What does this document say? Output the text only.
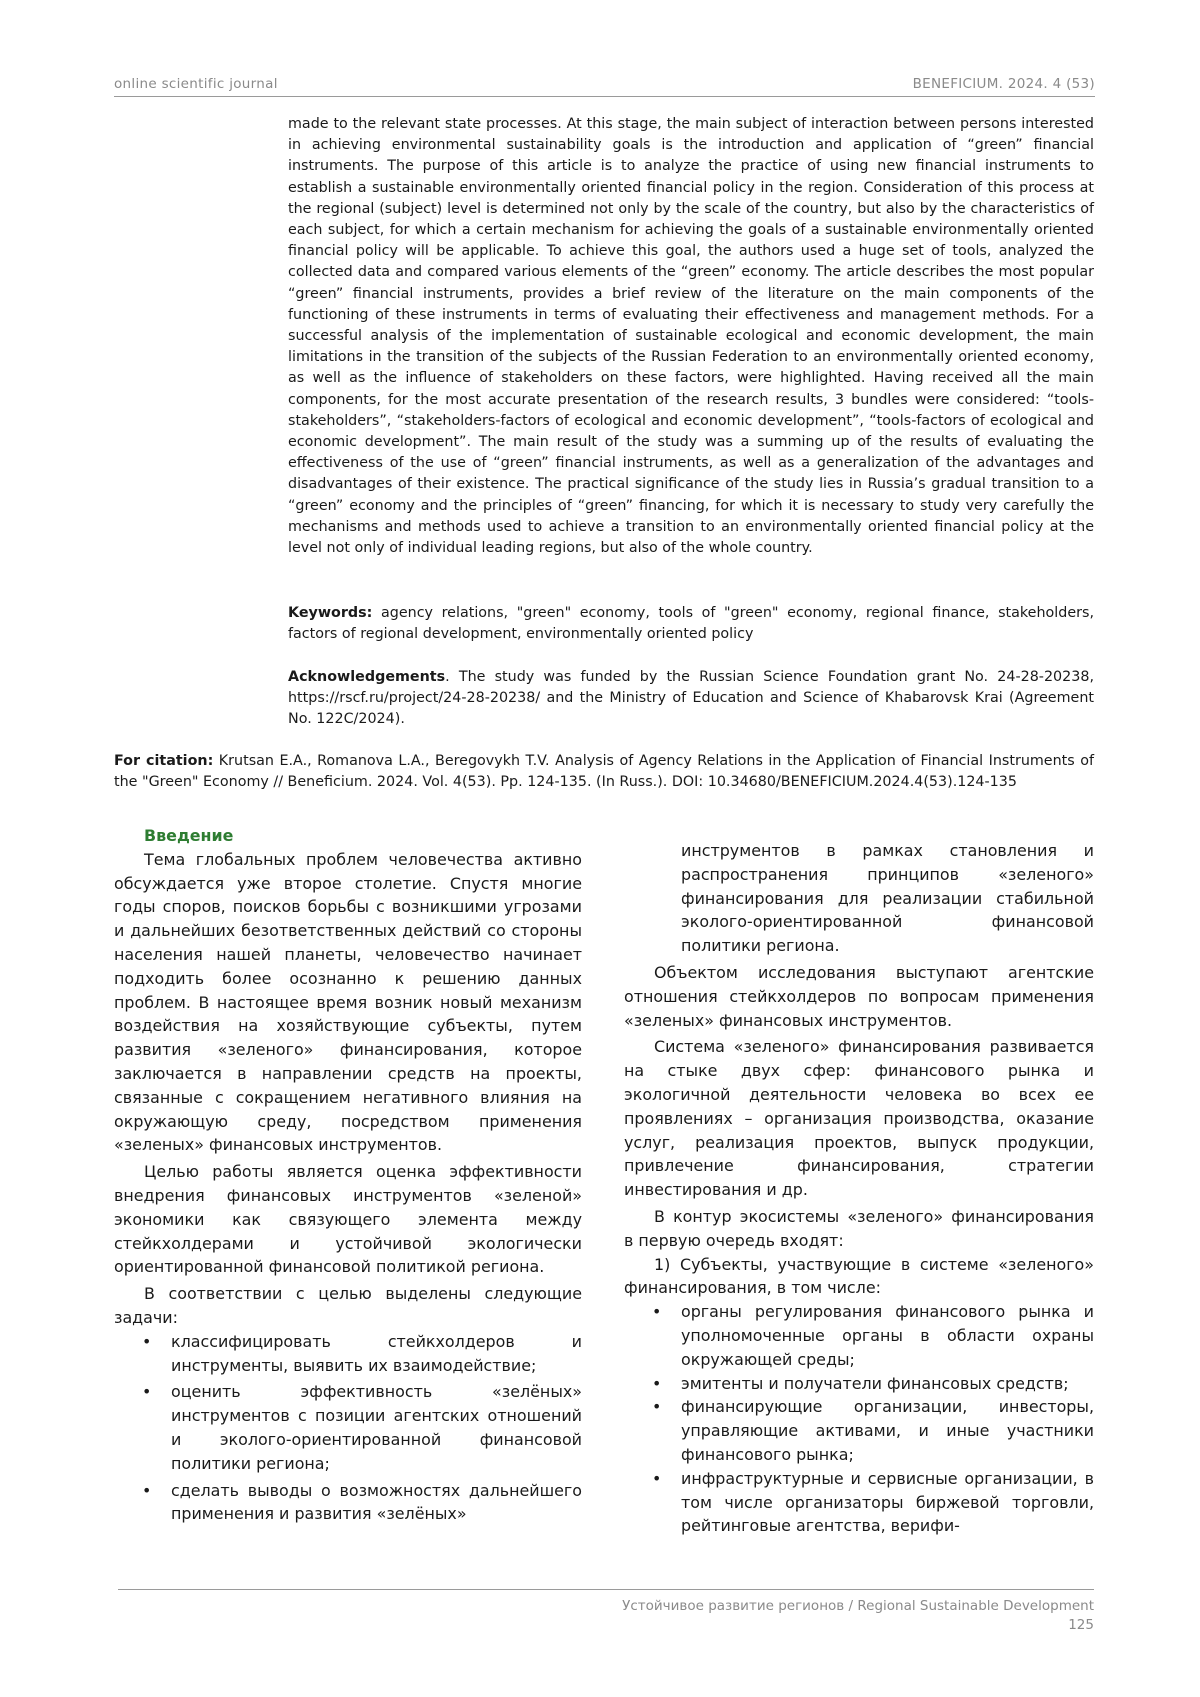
online scientific journal	BENEFICIUM. 2024. 4 (53)

made to the relevant state processes. At this stage, the main subject of interaction between persons interested in achieving environmental sustainability goals is the introduction and application of “green” financial instruments. The purpose of this article is to analyze the practice of using new financial instruments to establish a sustainable environmentally oriented financial policy in the region. Consideration of this process at the regional (subject) level is determined not only by the scale of the country, but also by the characteristics of each subject, for which a certain mechanism for achieving the goals of a sustainable environmentally oriented financial policy will be applicable. To achieve this goal, the authors used a huge set of tools, analyzed the collected data and compared various elements of the “green” economy. The article describes the most popular “green” financial instruments, provides a brief review of the literature on the main components of the functioning of these instruments in terms of evaluating their effectiveness and management methods. For a successful analysis of the implementation of sustainable ecological and economic development, the main limitations in the transition of the subjects of the Russian Federation to an environmentally oriented economy, as well as the influence of stakeholders on these factors, were highlighted. Having received all the main components, for the most accurate presentation of the research results, 3 bundles were considered: “tools-stakeholders”, “stakeholders-factors of ecological and economic development”, “tools-factors of ecological and economic development”. The main result of the study was a summing up of the results of evaluating the effectiveness of the use of “green” financial instruments, as well as a generalization of the advantages and disadvantages of their existence. The practical significance of the study lies in Russia’s gradual transition to a “green” economy and the principles of “green” financing, for which it is necessary to study very carefully the mechanisms and methods used to achieve a transition to an environmentally oriented financial policy at the level not only of individual leading regions, but also of the whole country.

Keywords: agency relations, "green" economy, tools of "green" economy, regional finance, stakeholders, factors of regional development, environmentally oriented policy

Acknowledgements. The study was funded by the Russian Science Foundation grant No. 24-28-20238, https://rscf.ru/project/24-28-20238/ and the Ministry of Education and Science of Khabarovsk Krai (Agreement No. 122С/2024).

For citation: Krutsan E.A., Romanova L.A., Beregovykh T.V. Analysis of Agency Relations in the Application of Financial Instruments of the "Green" Economy // Beneficium. 2024. Vol. 4(53). Pp. 124-135. (In Russ.). DOI: 10.34680/BENEFICIUM.2024.4(53).124-135

Введение

Тема глобальных проблем человечества активно обсуждается уже второе столетие. Спустя многие годы споров, поисков борьбы с возникшими угрозами и дальнейших безответственных действий со стороны населения нашей планеты, человечество начинает подходить более осознанно к решению данных проблем. В настоящее время возник новый механизм воздействия на хозяйствующие субъекты, путем развития «зеленого» финансирования, которое заключается в направлении средств на проекты, связанные с сокращением негативного влияния на окружающую среду, посредством применения «зеленых» финансовых инструментов.

Целью работы является оценка эффективности внедрения финансовых инструментов «зеленой» экономики как связующего элемента между стейкхолдерами и устойчивой экологически ориентированной финансовой политикой региона.

В соответствии с целью выделены следующие задачи:

• классифицировать стейкхолдеров и инструменты, выявить их взаимодействие;
• оценить эффективность «зелёных» инструментов с позиции агентских отношений и эколого-ориентированной финансовой политики региона;
• сделать выводы о возможностях дальнейшего применения и развития «зелёных»

инструментов в рамках становления и распространения принципов «зеленого» финансирования для реализации стабильной эколого-ориентированной финансовой политики региона.

Объектом исследования выступают агентские отношения стейкхолдеров по вопросам применения «зеленых» финансовых инструментов.

Система «зеленого» финансирования развивается на стыке двух сфер: финансового рынка и экологичной деятельности человека во всех ее проявлениях – организация производства, оказание услуг, реализация проектов, выпуск продукции, привлечение финансирования, стратегии инвестирования и др.

В контур экосистемы «зеленого» финансирования в первую очередь входят:

1) Субъекты, участвующие в системе «зеленого» финансирования, в том числе:

• органы регулирования финансового рынка и уполномоченные органы в области охраны окружающей среды;
• эмитенты и получатели финансовых средств;
• финансирующие организации, инвесторы, управляющие активами, и иные участники финансового рынка;
• инфраструктурные и сервисные организации, в том числе организаторы биржевой торговли, рейтинговые агентства, верифи-
Устойчивое развитие регионов / Regional Sustainable Development
125
